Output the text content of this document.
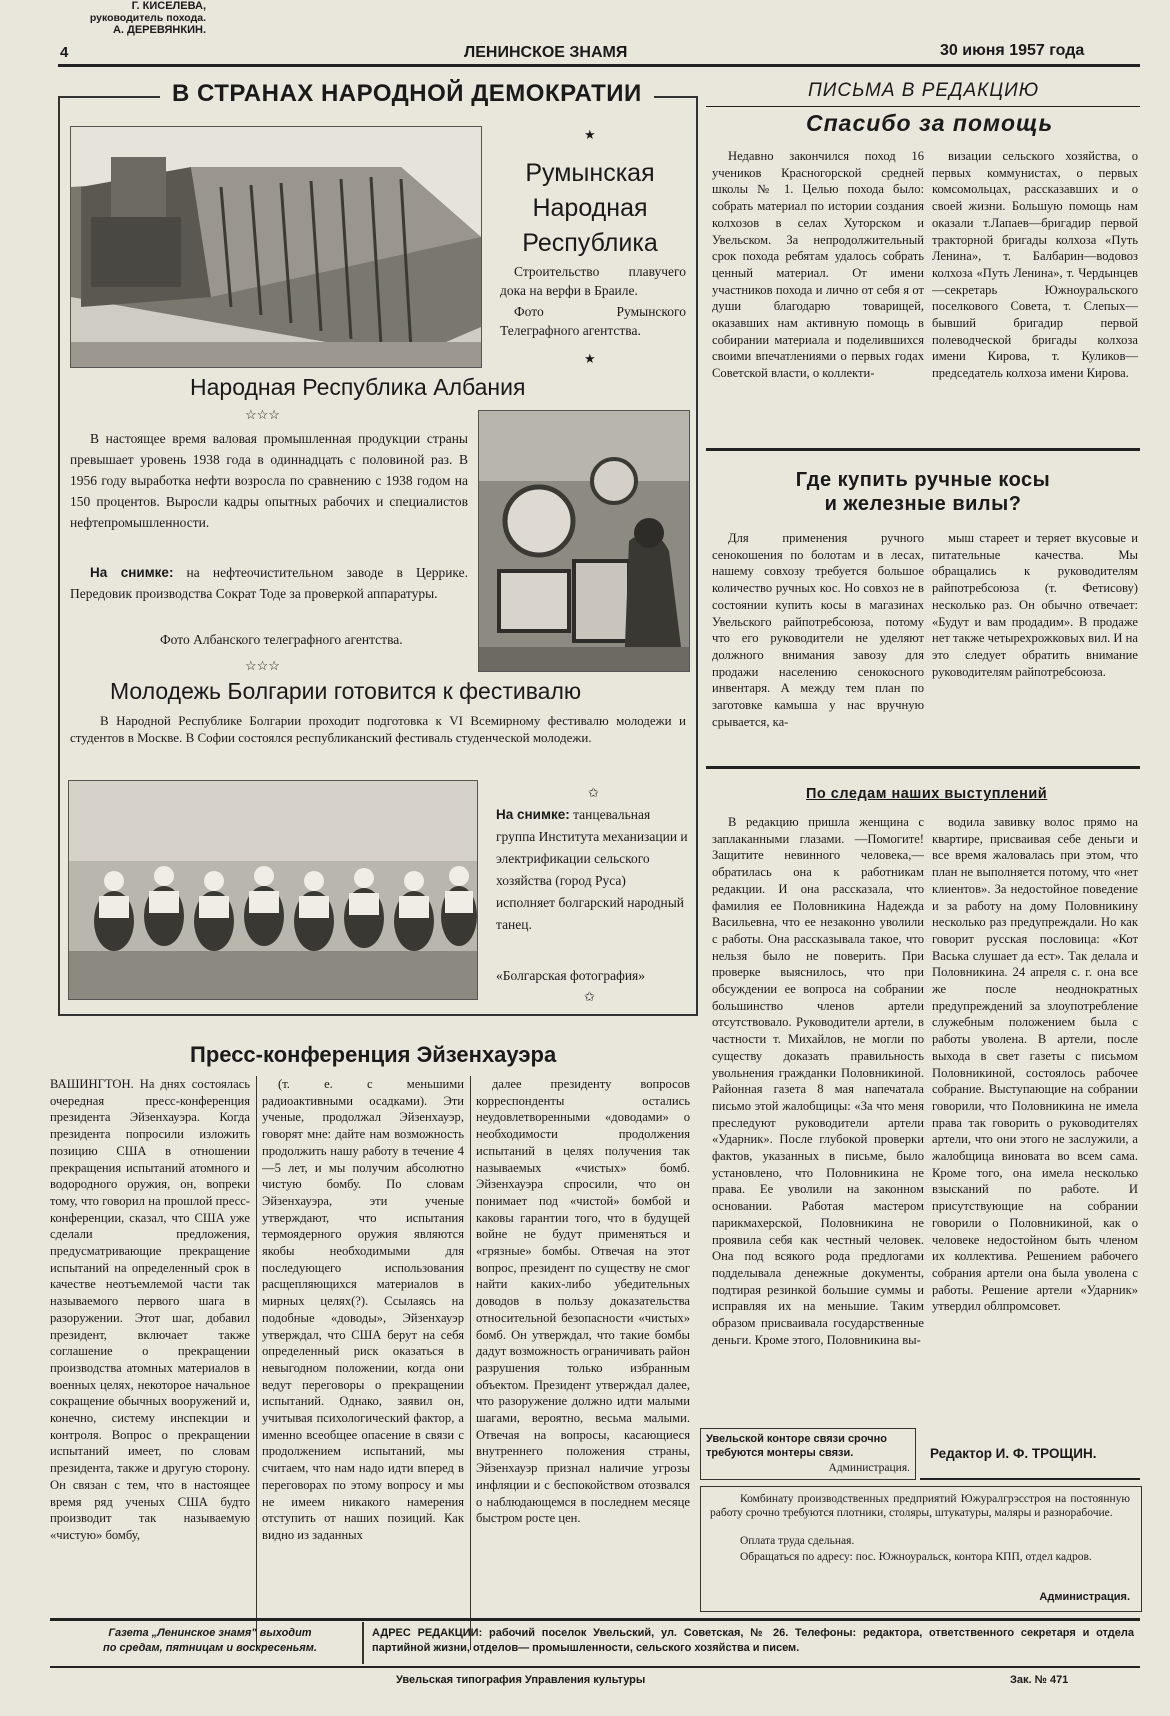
4	ЛЕНИНСКОЕ ЗНАМЯ	30 июня 1957 года
В СТРАНАХ НАРОДНОЙ ДЕМОКРАТИИ
★
Румынская
Народная
Республика
Строительство плавучего дока на верфи в Браиле.
Фото Румынского Телеграфного агентства.
★
Народная Республика Албания
☆☆☆
В настоящее время валовая промышленная продукции страны превышает уровень 1938 года в одиннадцать с половиной раз. В 1956 году выработка нефти возросла по сравнению с 1938 годом на 150 процентов. Выросли кадры опытных рабочих и специалистов нефтепромышленности.
На снимке: на нефтеочистительном заводе в Церрике. Передовик производства Сократ Тоде за проверкой аппаратуры.
Фото Албанского телеграфного агентства.
☆☆☆
Молодежь Болгарии готовится к фестивалю
В Народной Республике Болгарии проходит подготовка к VI Всемирному фестивалю молодежи и студентов в Москве. В Софии состоялся республиканский фестиваль студенческой молодежи.
✩
На снимке: танцевальная группа Института механизации и электрификации сельского хозяйства (город Руса) исполняет болгарский народный танец.
«Болгарская фотография»
✩
ПИСЬМА В РЕДАКЦИЮ
Спасибо за помощь

Недавно закончился поход 16 учеников Красногорской средней школы № 1. Целью похода было: собрать материал по истории создания колхозов в селах Хуторском и Увельском. За непродолжительный срок похода ребятам удалось собрать ценный материал. От имени участников похода и лично от себя я от души благодарю товарищей, оказавших нам активную помощь в собирании материала и поделившихся своими впечатлениями о первых годах Советской власти, о коллекти-

визации сельского хозяйства, о первых коммунистах, о первых комсомольцах, рассказавших и о своей жизни. Большую помощь нам оказали т.Лапаев—бригадир первой тракторной бригады колхоза «Путь Ленина», т. Балбарин—водовоз колхоза «Путь Ленина», т. Чердынцев—секретарь Южноуральского поселкового Совета, т. Слепых—бывший бригадир первой полеводческой бригады колхоза имени Кирова, т. Куликов—председатель колхоза имени Кирова.

Г. КИСЕЛЕВА,
руководитель похода.
Где купить ручные косы
и железные вилы?

Для применения ручного сенокошения по болотам и в лесах, нашему совхозу требуется большое количество ручных кос. Но совхоз не в состоянии купить косы в магазинах Увельского райпотребсоюза, потому что его руководители не уделяют должного внимания завозу для продажи населению сенокосного инвентаря. А между тем план по заготовке камыша у нас вручную срывается, ка-

мыш стареет и теряет вкусовые и питательные качества. Мы обращались к руководителям райпотребсоюза (т. Фетисову) несколько раз. Он обычно отвечает: «Будут и вам продадим». В продаже нет также четырехрожковых вил. И на это следует обратить внимание руководителям райпотребсоюза.

А. ДЕРЕВЯНКИН.
По следам наших выступлений

В редакцию пришла женщина с заплаканными глазами. —Помогите! Защитите невинного человека,—обратилась она к работникам редакции. И она рассказала, что фамилия ее Половникина Надежда Васильевна, что ее незаконно уволили с работы. Она рассказывала такое, что нельзя было не поверить. При проверке выяснилось, что при обсуждении ее вопроса на собрании большинство членов артели отсутствовало. Руководители артели, в частности т. Михайлов, не могли по существу доказать правильность увольнения гражданки Половникиной. Районная газета 8 мая напечатала письмо этой жалобщицы: «За что меня преследуют руководители артели «Ударник». После глубокой проверки фактов, указанных в письме, было установлено, что Половникина не права. Ее уволили на законном основании. Работая мастером парикмахерской, Половникина не проявила себя как честный человек. Она под всякого рода предлогами подделывала денежные документы, подтирая резинкой большие суммы и исправляя их на меньшие. Таким образом присваивала государственные деньги. Кроме этого, Половникина вы-

водила завивку волос прямо на квартире, присваивая себе деньги и все время жаловалась при этом, что план не выполняется потому, что «нет клиентов». За недостойное поведение и за работу на дому Половникину несколько раз предупреждали. Но как говорит русская пословица: «Кот Васька слушает да ест». Так делала и Половникина. 24 апреля с. г. она все же после неоднократных предупреждений за злоупотребление служебным положением была с работы уволена. В артели, после выхода в свет газеты с письмом Половникиной, состоялось рабочее собрание. Выступающие на собрании говорили, что Половникина не имела права так говорить о руководителях артели, что они этого не заслужили, а жалобщица виновата во всем сама. Кроме того, она имела несколько взысканий по работе. И присутствующие на собрании говорили о Половникиной, как о человеке недостойном быть членом их коллектива. Решением рабочего собрания артели она была уволена с работы. Решение артели «Ударник» утвердил облпромсовет.

Пресс-конференция Эйзенхауэра

ВАШИНГТОН. На днях состоялась очередная пресс-конференция президента Эйзенхауэра. Когда президента попросили изложить позицию США в отношении прекращения испытаний атомного и водородного оружия, он, вопреки тому, что говорил на прошлой пресс-конференции, сказал, что США уже сделали предложения, предусматривающие прекращение испытаний на определенный срок в качестве неотъемлемой части так называемого первого шага в разоружении. Этот шаг, добавил президент, включает также соглашение о прекращении производства атомных материалов в военных целях, некоторое начальное сокращение обычных вооружений и, конечно, систему инспекции и контроля. Вопрос о прекращении испытаний имеет, по словам президента, также и другую сторону. Он связан с тем, что в настоящее время ряд ученых США будто производит так называемую «чистую» бомбу,

(т. е. с меньшими радиоактивными осадками). Эти ученые, продолжал Эйзенхауэр, говорят мне: дайте нам возможность продолжить нашу работу в течение 4—5 лет, и мы получим абсолютно чистую бомбу. По словам Эйзенхауэра, эти ученые утверждают, что испытания термоядерного оружия являются якобы необходимыми для последующего использования расщепляющихся материалов в мирных целях(?). Ссылаясь на подобные «доводы», Эйзенхауэр утверждал, что США берут на себя определенный риск оказаться в невыгодном положении, когда они ведут переговоры о прекращении испытаний. Однако, заявил он, учитывая психологический фактор, а именно всеобщее опасение в связи с продолжением испытаний, мы считаем, что нам надо идти вперед в переговорах по этому вопросу и мы не имеем никакого намерения отступить от наших позиций. Как видно из заданных

далее президенту вопросов корреспонденты остались неудовлетворенными «доводами» о необходимости продолжения испытаний в целях получения так называемых «чистых» бомб. Эйзенхауэра спросили, что он понимает под «чистой» бомбой и каковы гарантии того, что в будущей войне не будут применяться и «грязные» бомбы. Отвечая на этот вопрос, президент по существу не смог найти каких-либо убедительных доводов в пользу доказательства относительной безопасности «чистых» бомб. Он утверждал, что такие бомбы дадут возможность ограничивать район разрушения только избранным объектом. Президент утверждал далее, что разоружение должно идти малыми шагами, вероятно, весьма малыми. Отвечая на вопросы, касающиеся внутреннего положения страны, Эйзенхауэр признал наличие угрозы инфляции и с беспокойством отозвался о наблюдающемся в последнем месяце быстром росте цен.

Увельской конторе связи срочно
требуются монтеры связи.
Администрация.
Редактор И. Ф. ТРОЩИН.
Комбинату производственных предприятий Южуралгрэсстроя на постоянную работу срочно требуются плотники, столяры, штукатуры, маляры и разнорабочие.
Оплата труда сдельная.
Обращаться по адресу: пос. Южноуральск, контора КПП, отдел кадров.
Администрация.
Газета „Ленинское знамя" выходит
по средам, пятницам и воскресеньям.
АДРЕС РЕДАКЦИИ: рабочий поселок Увельский, ул. Советская, № 26. Телефоны: редактора, ответственного секретаря и отдела партийной жизни, отделов— промышленности, сельского хозяйства и писем.
Увельская типография Управления культуры	Зак. № 471
